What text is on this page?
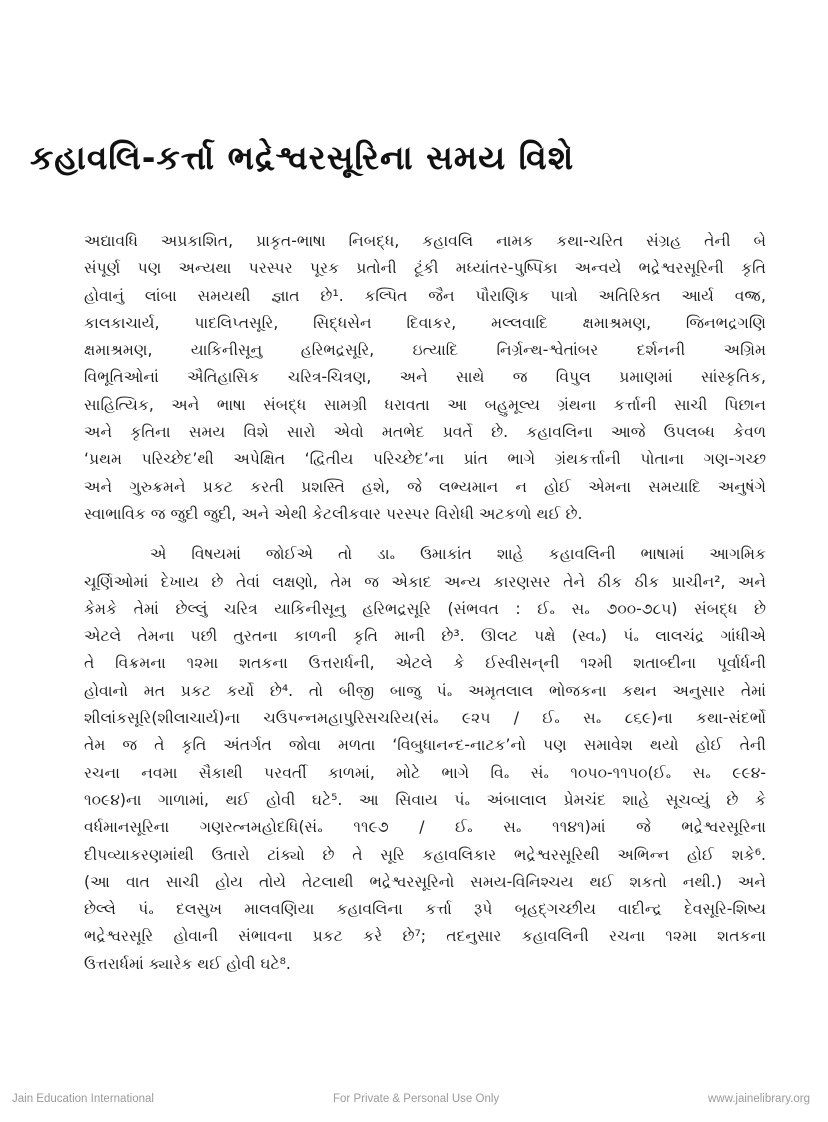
કહાવલિ-કર્ત્તા ભદ્રેશ્વરસૂરિના સમય વિશે

અદ્યાવધિ અપ્રકાશિત, પ્રાકૃત-ભાષા નિબદ્ધ, કહાવલિ નામક કથા-ચરિત સંગ્રહ તેની બે
સંપૂર્ણ પણ અન્યથા પરસ્પર પૂરક પ્રતોની ટૂંકી મધ્યાંતર-પુષ્પિકા અન્વયે ભદ્રેશ્વરસૂરિની કૃતિ
હોવાનું લાંબા સમયથી જ્ઞાત છે¹. કલ્પિત જૈન પૌરાણિક પાત્રો અતિરિક્ત આર્ય વજ્ર,
કાલકાચાર્ય, પાદલિપ્તસૂરિ, સિદ્ધસેન દિવાકર, મલ્લવાદિ ક્ષમાશ્રમણ, જિનભદ્રગણિ
ક્ષમાશ્રમણ, યાકિનીસૂનુ હરિભદ્રસૂરિ, ઇત્યાદિ નિર્ગ્રન્થ-શ્વેતાંબર દર્શનની અગ્રિમ
વિભૂતિઓનાં ઐતિહાસિક ચરિત્ર-ચિત્રણ, અને સાથે જ વિપુલ પ્રમાણમાં સાંસ્કૃતિક,
સાહિત્યિક, અને ભાષા સંબદ્ધ સામગ્રી ધરાવતા આ બહુમૂલ્ય ગ્રંથના કર્ત્તાની સાચી પિછાન
અને કૃતિના સમય વિશે સારો એવો મતભેદ પ્રવર્તે છે. કહાવલિના આજે ઉપલબ્ધ કેવળ
‘પ્રથમ પરિચ્છેદ’થી અપેક્ષિત ‘દ્વિતીય પરિચ્છેદ’ના પ્રાંત ભાગે ગ્રંથકર્ત્તાની પોતાના ગણ-ગચ્છ
અને ગુરુક્રમને પ્રકટ કરતી પ્રશસ્તિ હશે, જે લભ્યમાન ન હોઈ એમના સમયાદિ અનુષંગે
સ્વાભાવિક જ જુદી જુદી, અને એથી કેટલીકવાર પરસ્પર વિરોધી અટકળો થઈ છે.

એ વિષયમાં જોઈએ તો ડા૰ ઉમાકાંત શાહે કહાવલિની ભાષામાં આગમિક
ચૂર્ણિઓમાં દેખાય છે તેવાં લક્ષણો, તેમ જ એકાદ અન્ય કારણસર તેને ઠીક ઠીક પ્રાચીન², અને
કેમકે તેમાં છેલ્લું ચરિત્ર યાકિનીસૂનુ હરિભદ્રસૂરિ (સંભવત : ઈ૰ સ૰ ૭૦૦-૭૮૫) સંબદ્ધ છે
એટલે તેમના પછી તુરતના કાળની કૃતિ માની છે³. ઊલટ પક્ષે (સ્વ૰) પં૰ લાલચંદ્ર ગાંધીએ
તે વિક્રમના ૧૨મા શતકના ઉત્તરાર્ધની, એટલે કે ઈસ્વીસન્‌ની ૧૨મી શતાબ્દીના પૂર્વાર્ધની
હોવાનો મત પ્રકટ કર્યો છે⁴. તો બીજી બાજુ પં૰ અમૃતલાલ ભોજકના કથન અનુસાર તેમાં
શીલાંકસૂરિ(શીલાચાર્ય)ના ચઉપન્નમહાપુરિસચરિય(સં૰ ૯૨૫ / ઈ૰ સ૰ ૮૬૯)ના કથા-સંદર્ભો
તેમ જ તે કૃતિ અંતર્ગત જોવા મળતા ‘વિબુધાનન્દ-નાટક’નો પણ સમાવેશ થયો હોઈ તેની
રચના નવમા સૈકાથી પરવર્તી કાળમાં, મોટે ભાગે વિ૰ સં૰ ૧૦૫૦-૧૧૫૦(ઈ૰ સ૰ ૯૯૪-
૧૦૯૪)ના ગાળામાં, થઈ હોવી ઘટે⁵. આ સિવાય પં૰ અંબાલાલ પ્રેમચંદ શાહે સૂચવ્યું છે કે
વર્ધમાનસૂરિના ગણરત્નમહોદધિ(સં૰ ૧૧૯૭ / ઈ૰ સ૰ ૧૧૪૧)માં જે ભદ્રેશ્વરસૂરિના
દીપવ્યાકરણમાંથી ઉતારો ટાંક્યો છે તે સૂરિ કહાવલિકાર ભદ્રેશ્વરસૂરિથી અભિન્ન હોઈ શકે⁶.
(આ વાત સાચી હોય તોયે તેટલાથી ભદ્રેશ્વરસૂરિનો સમય-વિનિશ્ચય થઈ શકતો નથી.) અને
છેલ્લે પં૰ દલસુખ માલવણિયા કહાવલિના કર્ત્તા રૂપે બૃહદ્‌ગચ્છીય વાદીન્દ્ર દેવસૂરિ-શિષ્ય
ભદ્રેશ્વરસૂરિ હોવાની સંભાવના પ્રકટ કરે છે⁷; તદનુસાર કહાવલિની રચના ૧૨મા શતકના
ઉત્તરાર્ધમાં ક્યારેક થઈ હોવી ઘટે⁸.

Jain Education International	For Private & Personal Use Only	www.jainelibrary.org
